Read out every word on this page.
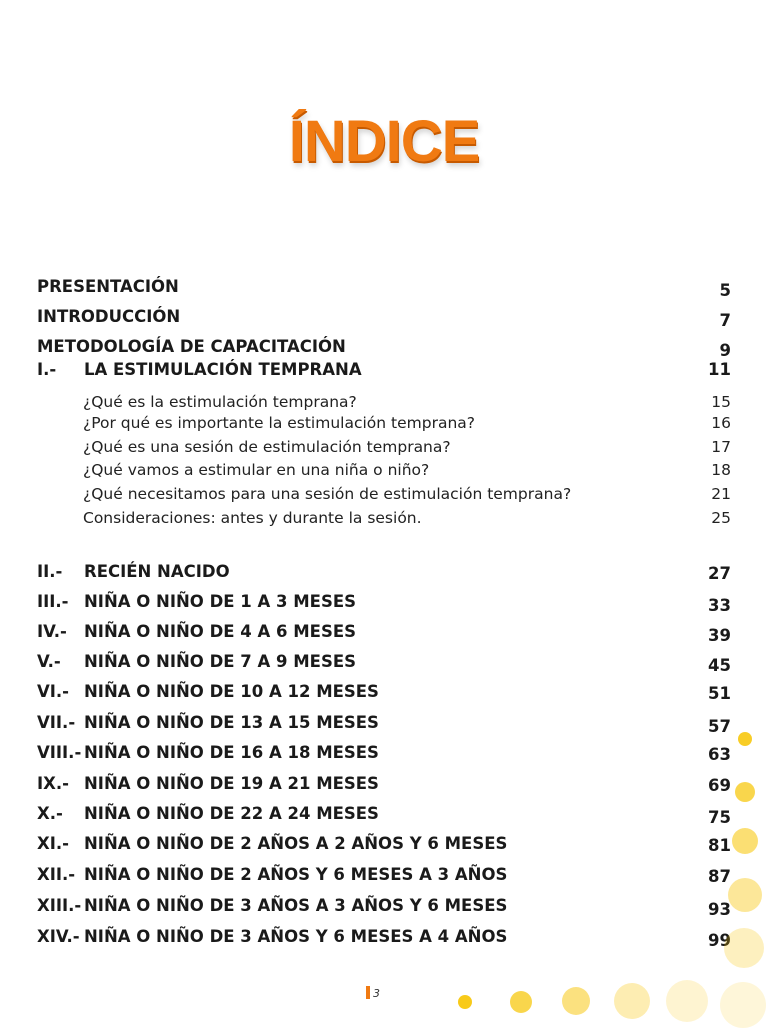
ÍNDICE
PRESENTACIÓN	5
INTRODUCCIÓN	7
METODOLOGÍA DE CAPACITACIÓN	9
I.- LA ESTIMULACIÓN TEMPRANA	11
¿Qué es la estimulación temprana?	15
¿Por qué es importante la estimulación temprana?	16
¿Qué es una sesión de estimulación temprana?	17
¿Qué vamos a estimular en una niña o niño?	18
¿Qué necesitamos para una sesión de estimulación temprana?	21
Consideraciones: antes y durante la sesión.	25
II.- RECIÉN NACIDO	27
III.- NIÑA O NIÑO DE 1 A 3 MESES	33
IV.- NIÑA O NIÑO DE 4 A 6 MESES	39
V.- NIÑA O NIÑO DE 7 A 9 MESES	45
VI.- NIÑA O NIÑO DE 10 A 12 MESES	51
VII.- NIÑA O NIÑO DE 13 A 15 MESES	57
VIII.- NIÑA O NIÑO DE 16 A 18 MESES	63
IX.- NIÑA O NIÑO DE 19 A 21 MESES	69
X.- NIÑA O NIÑO DE 22 A 24 MESES	75
XI.- NIÑA O NIÑO DE 2 AÑOS A 2 AÑOS Y 6 MESES	81
XII.- NIÑA O NIÑO DE 2 AÑOS Y 6 MESES A 3 AÑOS	87
XIII.- NIÑA O NIÑO DE 3 AÑOS A 3 AÑOS Y 6 MESES	93
XIV.- NIÑA O NIÑO DE 3 AÑOS Y 6 MESES A 4 AÑOS	99
3
